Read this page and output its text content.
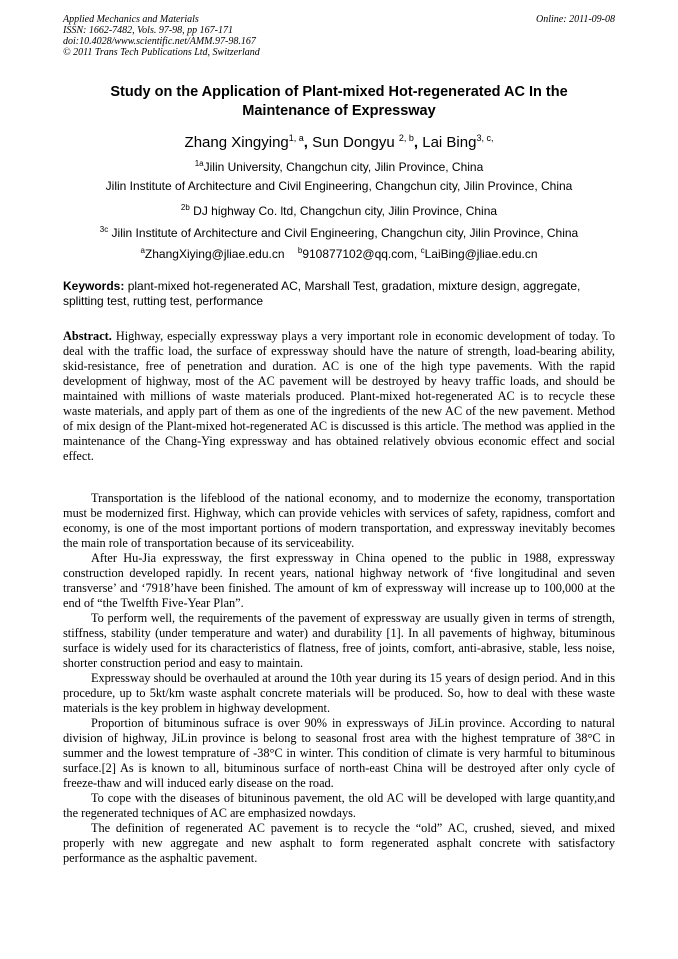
Applied Mechanics and Materials
ISSN: 1662-7482, Vols. 97-98, pp 167-171
doi:10.4028/www.scientific.net/AMM.97-98.167
© 2011 Trans Tech Publications Ltd, Switzerland
Online: 2011-09-08
Study on the Application of Plant-mixed Hot-regenerated AC In the
Maintenance of Expressway
Zhang Xingying$^{1, a}$, Sun Dongyu $^{2, b}$, Lai Bing$^{3, c,}$
$^{1a}$Jilin University, Changchun city, Jilin Province, China
Jilin Institute of Architecture and Civil Engineering, Changchun city, Jilin Province, China
$^{2b}$ DJ highway Co. ltd, Changchun city, Jilin Province, China
$^{3c}$ Jilin Institute of Architecture and Civil Engineering, Changchun city, Jilin Province, China
$^a$ZhangXiying@jliae.edu.cn $^b$910877102@qq.com, $^c$LaiBing@jliae.edu.cn
Keywords: plant-mixed hot-regenerated AC, Marshall Test, gradation, mixture design, aggregate, splitting test, rutting test, performance
Abstract. Highway, especially expressway plays a very important role in economic development of today. To deal with the traffic load, the surface of expressway should have the nature of strength, load-bearing ability, skid-resistance, free of penetration and duration. AC is one of the high type pavements. With the rapid development of highway, most of the AC pavement will be destroyed by heavy traffic loads, and should be maintained with millions of waste materials produced. Plant-mixed hot-regenerated AC is to recycle these waste materials, and apply part of them as one of the ingredients of the new AC of the new pavement. Method of mix design of the Plant-mixed hot-regenerated AC is discussed is this article. The method was applied in the maintenance of the Chang-Ying expressway and has obtained relatively obvious economic effect and social effect.

Transportation is the lifeblood of the national economy, and to modernize the economy, transportation must be modernized first. Highway, which can provide vehicles with services of safety, rapidness, comfort and economy, is one of the most important portions of modern transportation, and expressway inevitably becomes the main role of transportation because of its serviceability.

After Hu-Jia expressway, the first expressway in China opened to the public in 1988, expressway construction developed rapidly. In recent years, national highway network of ‘five longitudinal and seven transverse’ and ‘7918’have been finished. The amount of km of expressway will increase up to 100,000 at the end of “the Twelfth Five-Year Plan”.

To perform well, the requirements of the pavement of expressway are usually given in terms of strength, stiffness, stability (under temperature and water) and durability [1]. In all pavements of highway, bituminous surface is widely used for its characteristics of flatness, free of joints, comfort, anti-abrasive, stable, less noise, shorter construction period and easy to maintain.

Expressway should be overhauled at around the 10th year during its 15 years of design period. And in this procedure, up to 5kt/km waste asphalt concrete materials will be produced. So, how to deal with these waste materials is the key problem in highway development.

Proportion of bituminous sufrace is over 90% in expressways of JiLin province. According to natural division of highway, JiLin province is belong to seasonal frost area with the highest temprature of 38°C in summer and the lowest temprature of -38°C in winter. This condition of climate is very harmful to bituminous surface.[2] As is known to all, bituminous surface of north-east China will be destroyed after only cycle of freeze-thaw and will induced early disease on the road.

To cope with the diseases of bituninous pavement, the old AC will be developed with large quantity,and the regenerated techniques of AC are emphasized nowdays.

The definition of regenerated AC pavement is to recycle the “old” AC, crushed, sieved, and mixed properly with new aggregate and new asphalt to form regenerated asphalt concrete with satisfactory performance as the asphaltic pavement.
